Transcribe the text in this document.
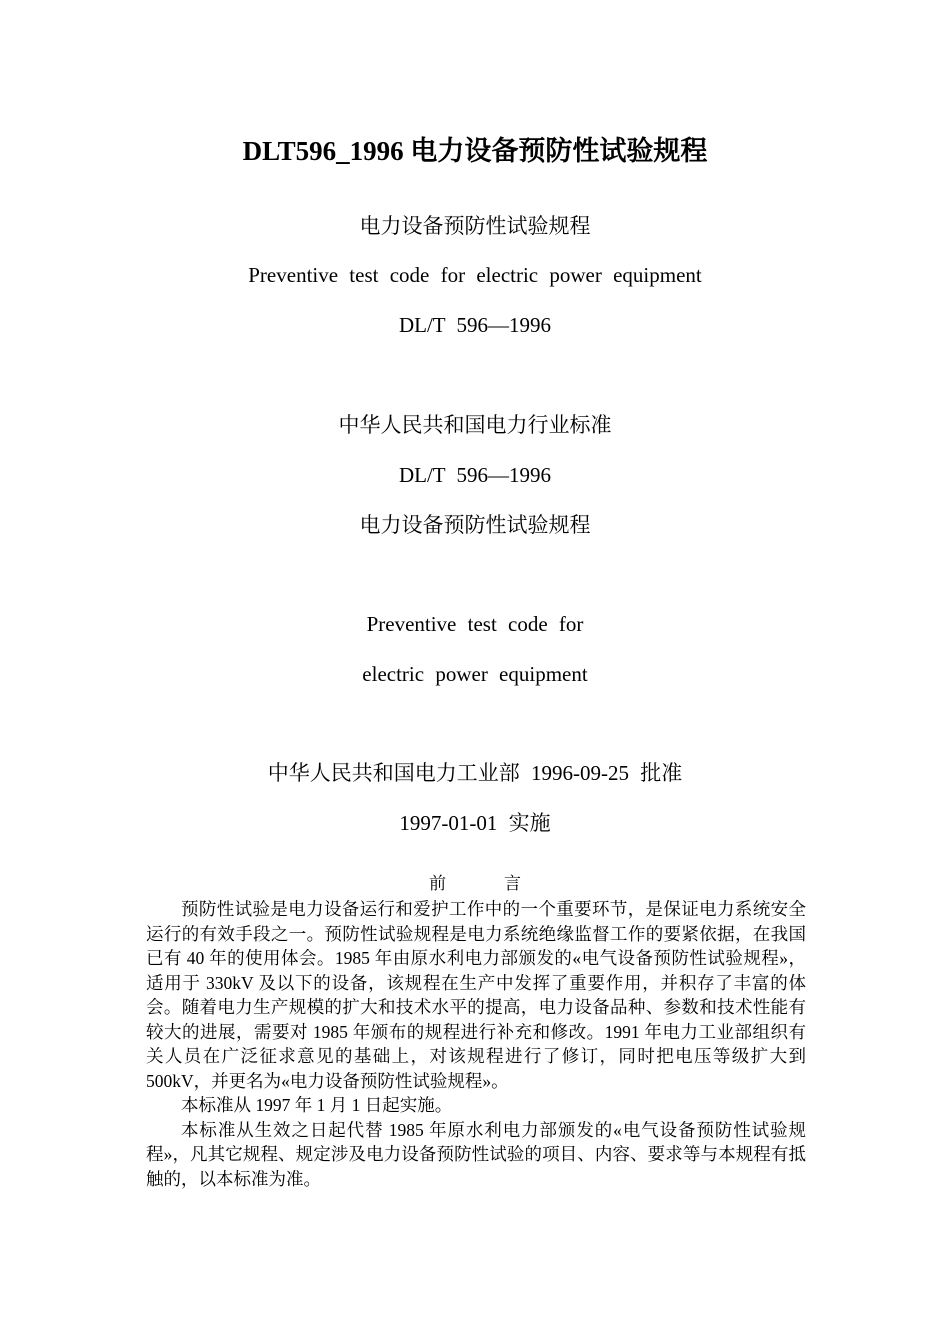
DLT596_1996 电力设备预防性试验规程
电力设备预防性试验规程
Preventive test code for electric power equipment
DL/T 596—1996
中华人民共和国电力行业标准
DL/T 596—1996
电力设备预防性试验规程
Preventive test code for
electric power equipment
中华人民共和国电力工业部 1996-09-25 批准
1997-01-01 实施
前言

预防性试验是电力设备运行和爱护工作中的一个重要环节，是保证电力系统安全运行的有效手段之一。预防性试验规程是电力系统绝缘监督工作的要紧依据，在我国已有 40 年的使用体会。1985 年由原水利电力部颁发的«电气设备预防性试验规程»，适用于 330kV 及以下的设备，该规程在生产中发挥了重要作用，并积存了丰富的体会。随着电力生产规模的扩大和技术水平的提高，电力设备品种、参数和技术性能有较大的进展，需要对 1985 年颁布的规程进行补充和修改。1991 年电力工业部组织有关人员在广泛征求意见的基础上，对该规程进行了修订，同时把电压等级扩大到 500kV，并更名为«电力设备预防性试验规程»。

本标准从 1997 年 1 月 1 日起实施。

本标准从生效之日起代替 1985 年原水利电力部颁发的«电气设备预防性试验规程»，凡其它规程、规定涉及电力设备预防性试验的项目、内容、要求等与本规程有抵触的，以本标准为准。
